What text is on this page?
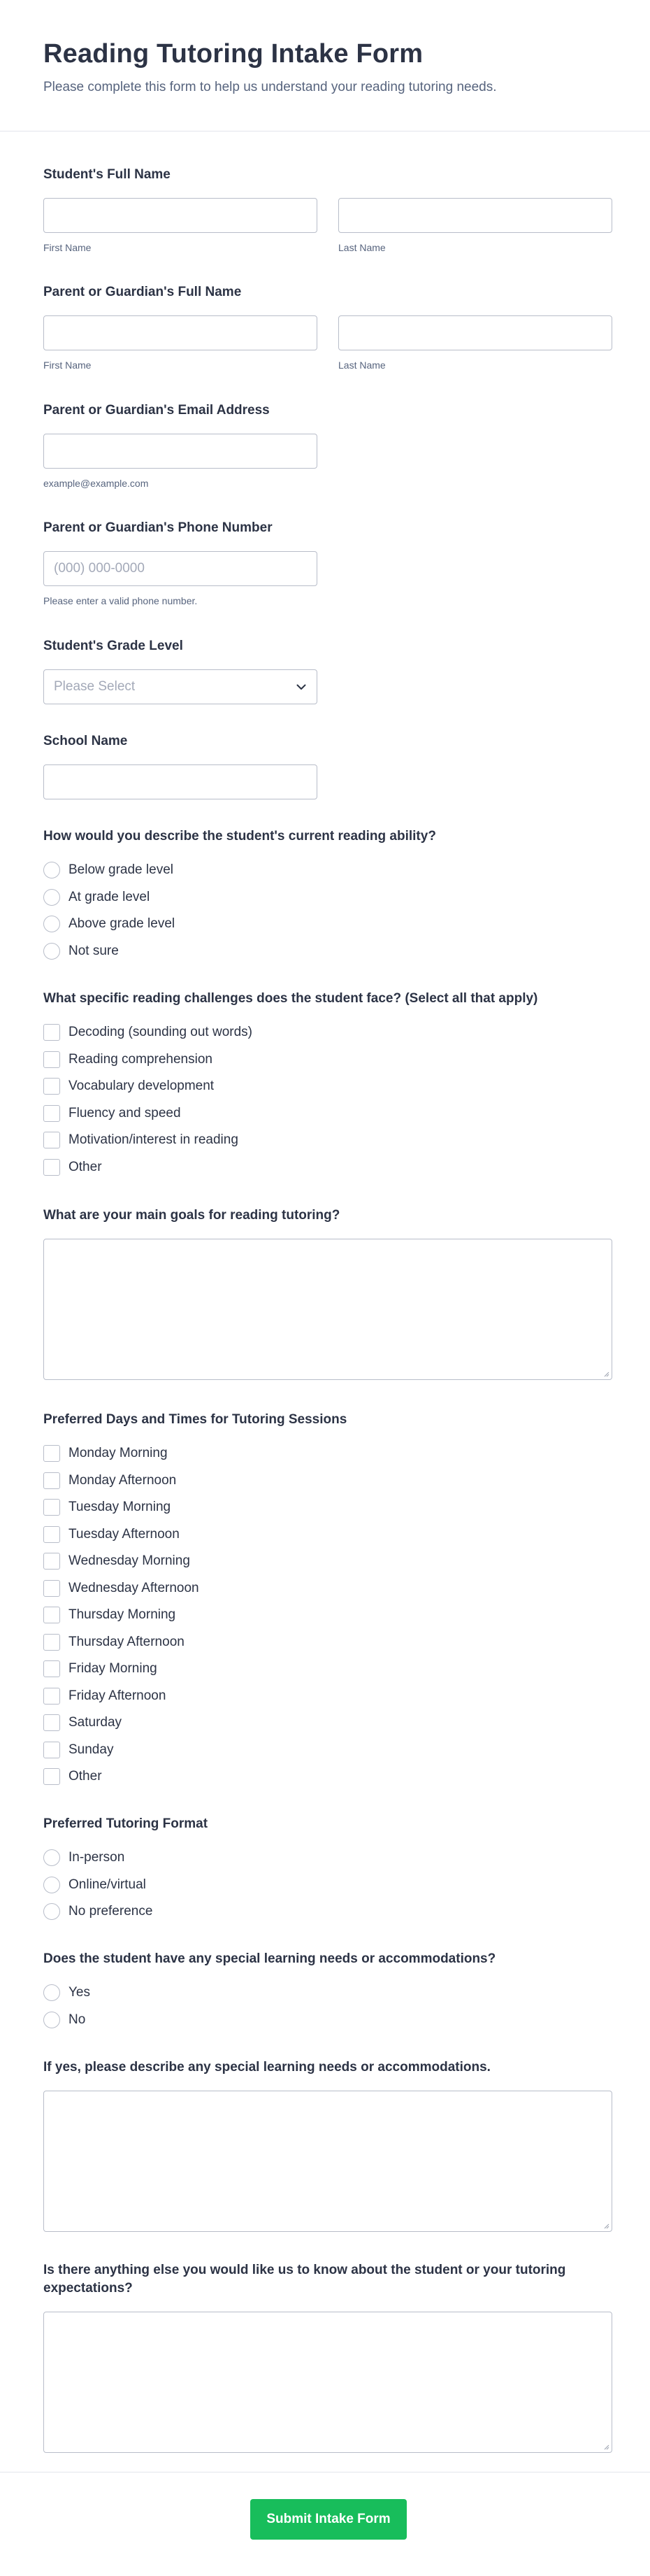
Reading Tutoring Intake Form

Please complete this form to help us understand your reading tutoring needs.

Student's Full Name
First Name	Last Name
Parent or Guardian's Full Name
First Name	Last Name
Parent or Guardian's Email Address
example@example.com
Parent or Guardian's Phone Number
(000) 000-0000
Please enter a valid phone number.
Student's Grade Level
Please Select
School Name
How would you describe the student's current reading ability?
Below grade level
At grade level
Above grade level
Not sure
What specific reading challenges does the student face? (Select all that apply)
Decoding (sounding out words)
Reading comprehension
Vocabulary development
Fluency and speed
Motivation/interest in reading
Other
What are your main goals for reading tutoring?
Preferred Days and Times for Tutoring Sessions
Monday Morning
Monday Afternoon
Tuesday Morning
Tuesday Afternoon
Wednesday Morning
Wednesday Afternoon
Thursday Morning
Thursday Afternoon
Friday Morning
Friday Afternoon
Saturday
Sunday
Other
Preferred Tutoring Format
In-person
Online/virtual
No preference
Does the student have any special learning needs or accommodations?
Yes
No
If yes, please describe any special learning needs or accommodations.
Is there anything else you would like us to know about the student or your tutoring expectations?
Submit Intake Form
